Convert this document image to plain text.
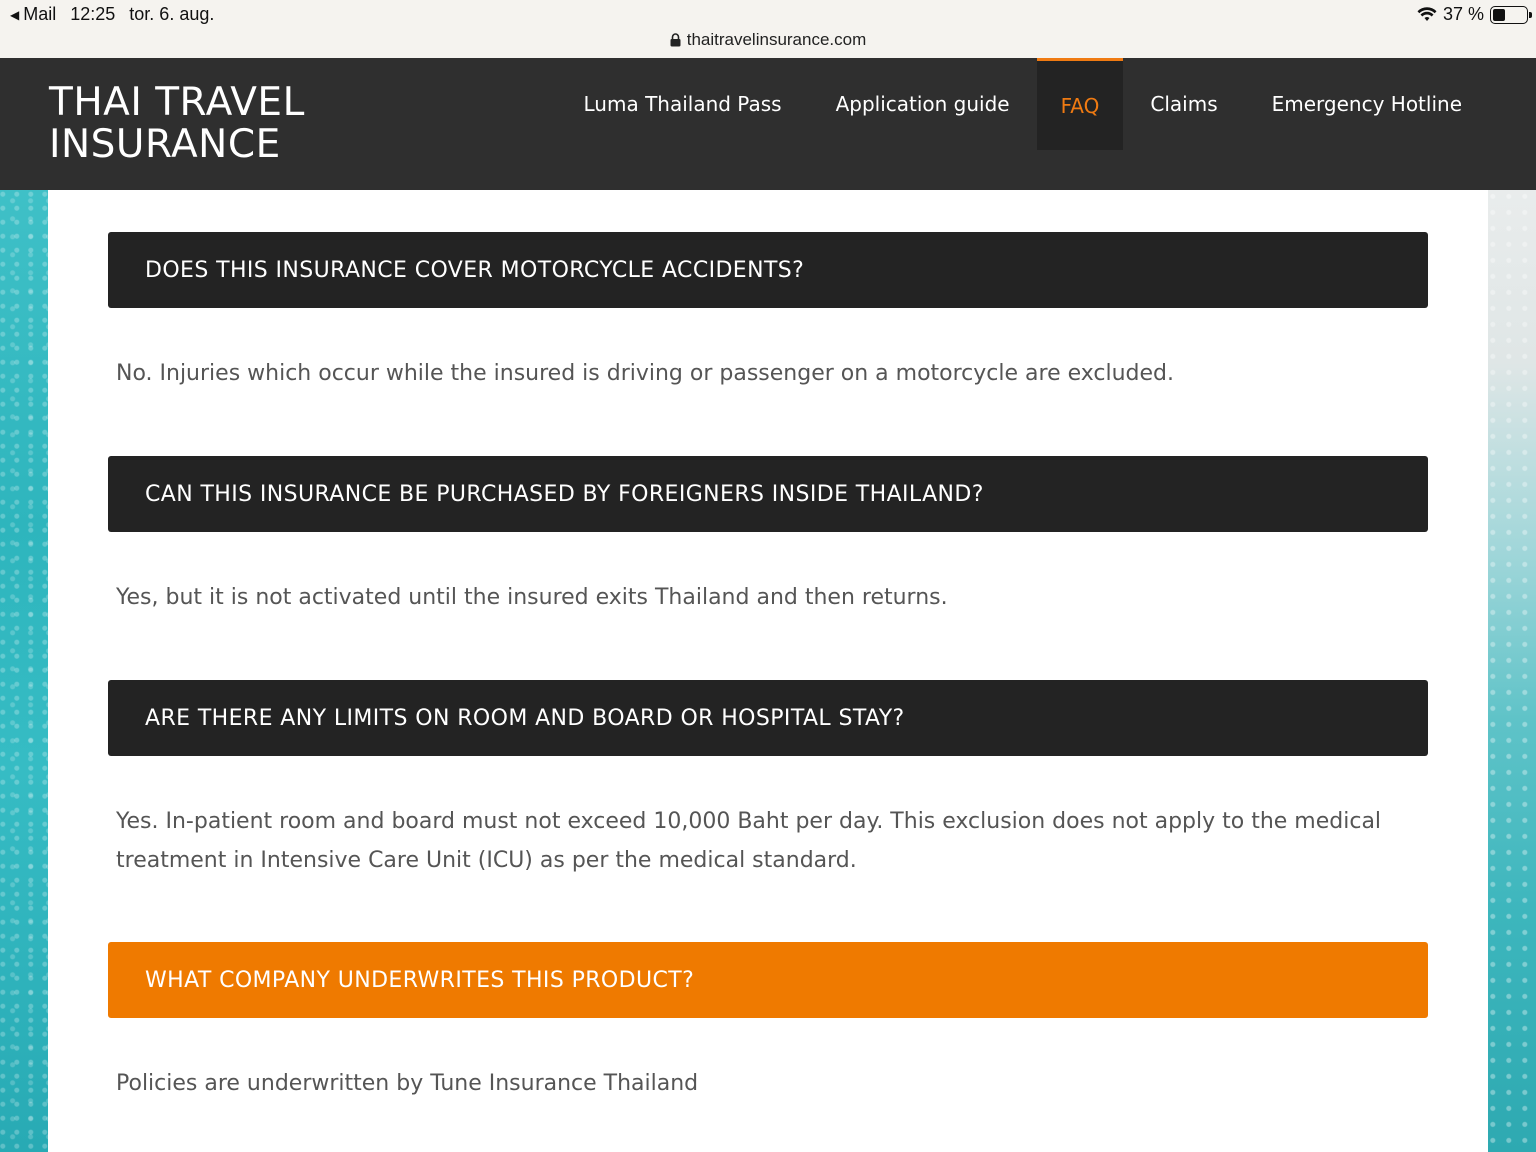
◀ Mail 12:25 tor. 6. aug.	37 %
thaitravelinsurance.com
THAI TRAVEL
INSURANCE
Luma Thailand Pass	Application guide	FAQ	Claims	Emergency Hotline
DOES THIS INSURANCE COVER MOTORCYCLE ACCIDENTS?
No. Injuries which occur while the insured is driving or passenger on a motorcycle are excluded.
CAN THIS INSURANCE BE PURCHASED BY FOREIGNERS INSIDE THAILAND?
Yes, but it is not activated until the insured exits Thailand and then returns.
ARE THERE ANY LIMITS ON ROOM AND BOARD OR HOSPITAL STAY?
Yes. In-patient room and board must not exceed 10,000 Baht per day. This exclusion does not apply to the medical treatment in Intensive Care Unit (ICU) as per the medical standard.
WHAT COMPANY UNDERWRITES THIS PRODUCT?
Policies are underwritten by Tune Insurance Thailand
